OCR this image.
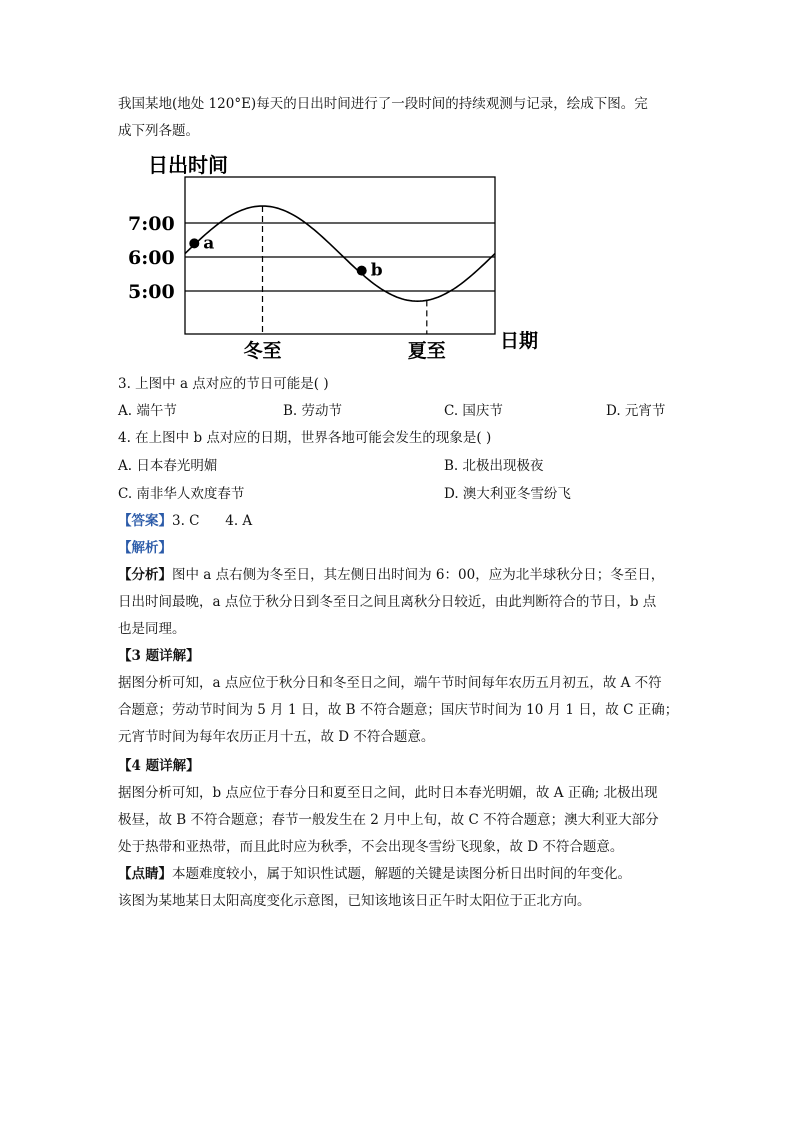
我国某地(地处 120°E)每天的日出时间进行了一段时间的持续观测与记录，绘成下图。完
成下列各题。
日出时间
7:00
6:00
5:00
冬至	夏至
a
b
日期
3. 上图中 a 点对应的节日可能是( )
A. 端午节	B. 劳动节	C. 国庆节	D. 元宵节
4. 在上图中 b 点对应的日期，世界各地可能会发生的现象是( )
A. 日本春光明媚	B. 北极出现极夜
C. 南非华人欢度春节	D. 澳大利亚冬雪纷飞
【答案】3. C      4. A
【解析】
【分析】图中 a 点右侧为冬至日，其左侧日出时间为 6：00，应为北半球秋分日；冬至日，
日出时间最晚，a 点位于秋分日到冬至日之间且离秋分日较近，由此判断符合的节日，b 点
也是同理。
【3 题详解】
据图分析可知，a 点应位于秋分日和冬至日之间，端午节时间每年农历五月初五，故 A 不符
合题意；劳动节时间为 5 月 1 日，故 B 不符合题意；国庆节时间为 10 月 1 日，故 C 正确；
元宵节时间为每年农历正月十五，故 D 不符合题意。
【4 题详解】
据图分析可知，b 点应位于春分日和夏至日之间，此时日本春光明媚，故 A 正确; 北极出现
极昼，故 B 不符合题意；春节一般发生在 2 月中上旬，故 C 不符合题意；澳大利亚大部分
处于热带和亚热带，而且此时应为秋季，不会出现冬雪纷飞现象，故 D 不符合题意。
【点睛】本题难度较小，属于知识性试题，解题的关键是读图分析日出时间的年变化。
该图为某地某日太阳高度变化示意图，已知该地该日正午时太阳位于正北方向。
